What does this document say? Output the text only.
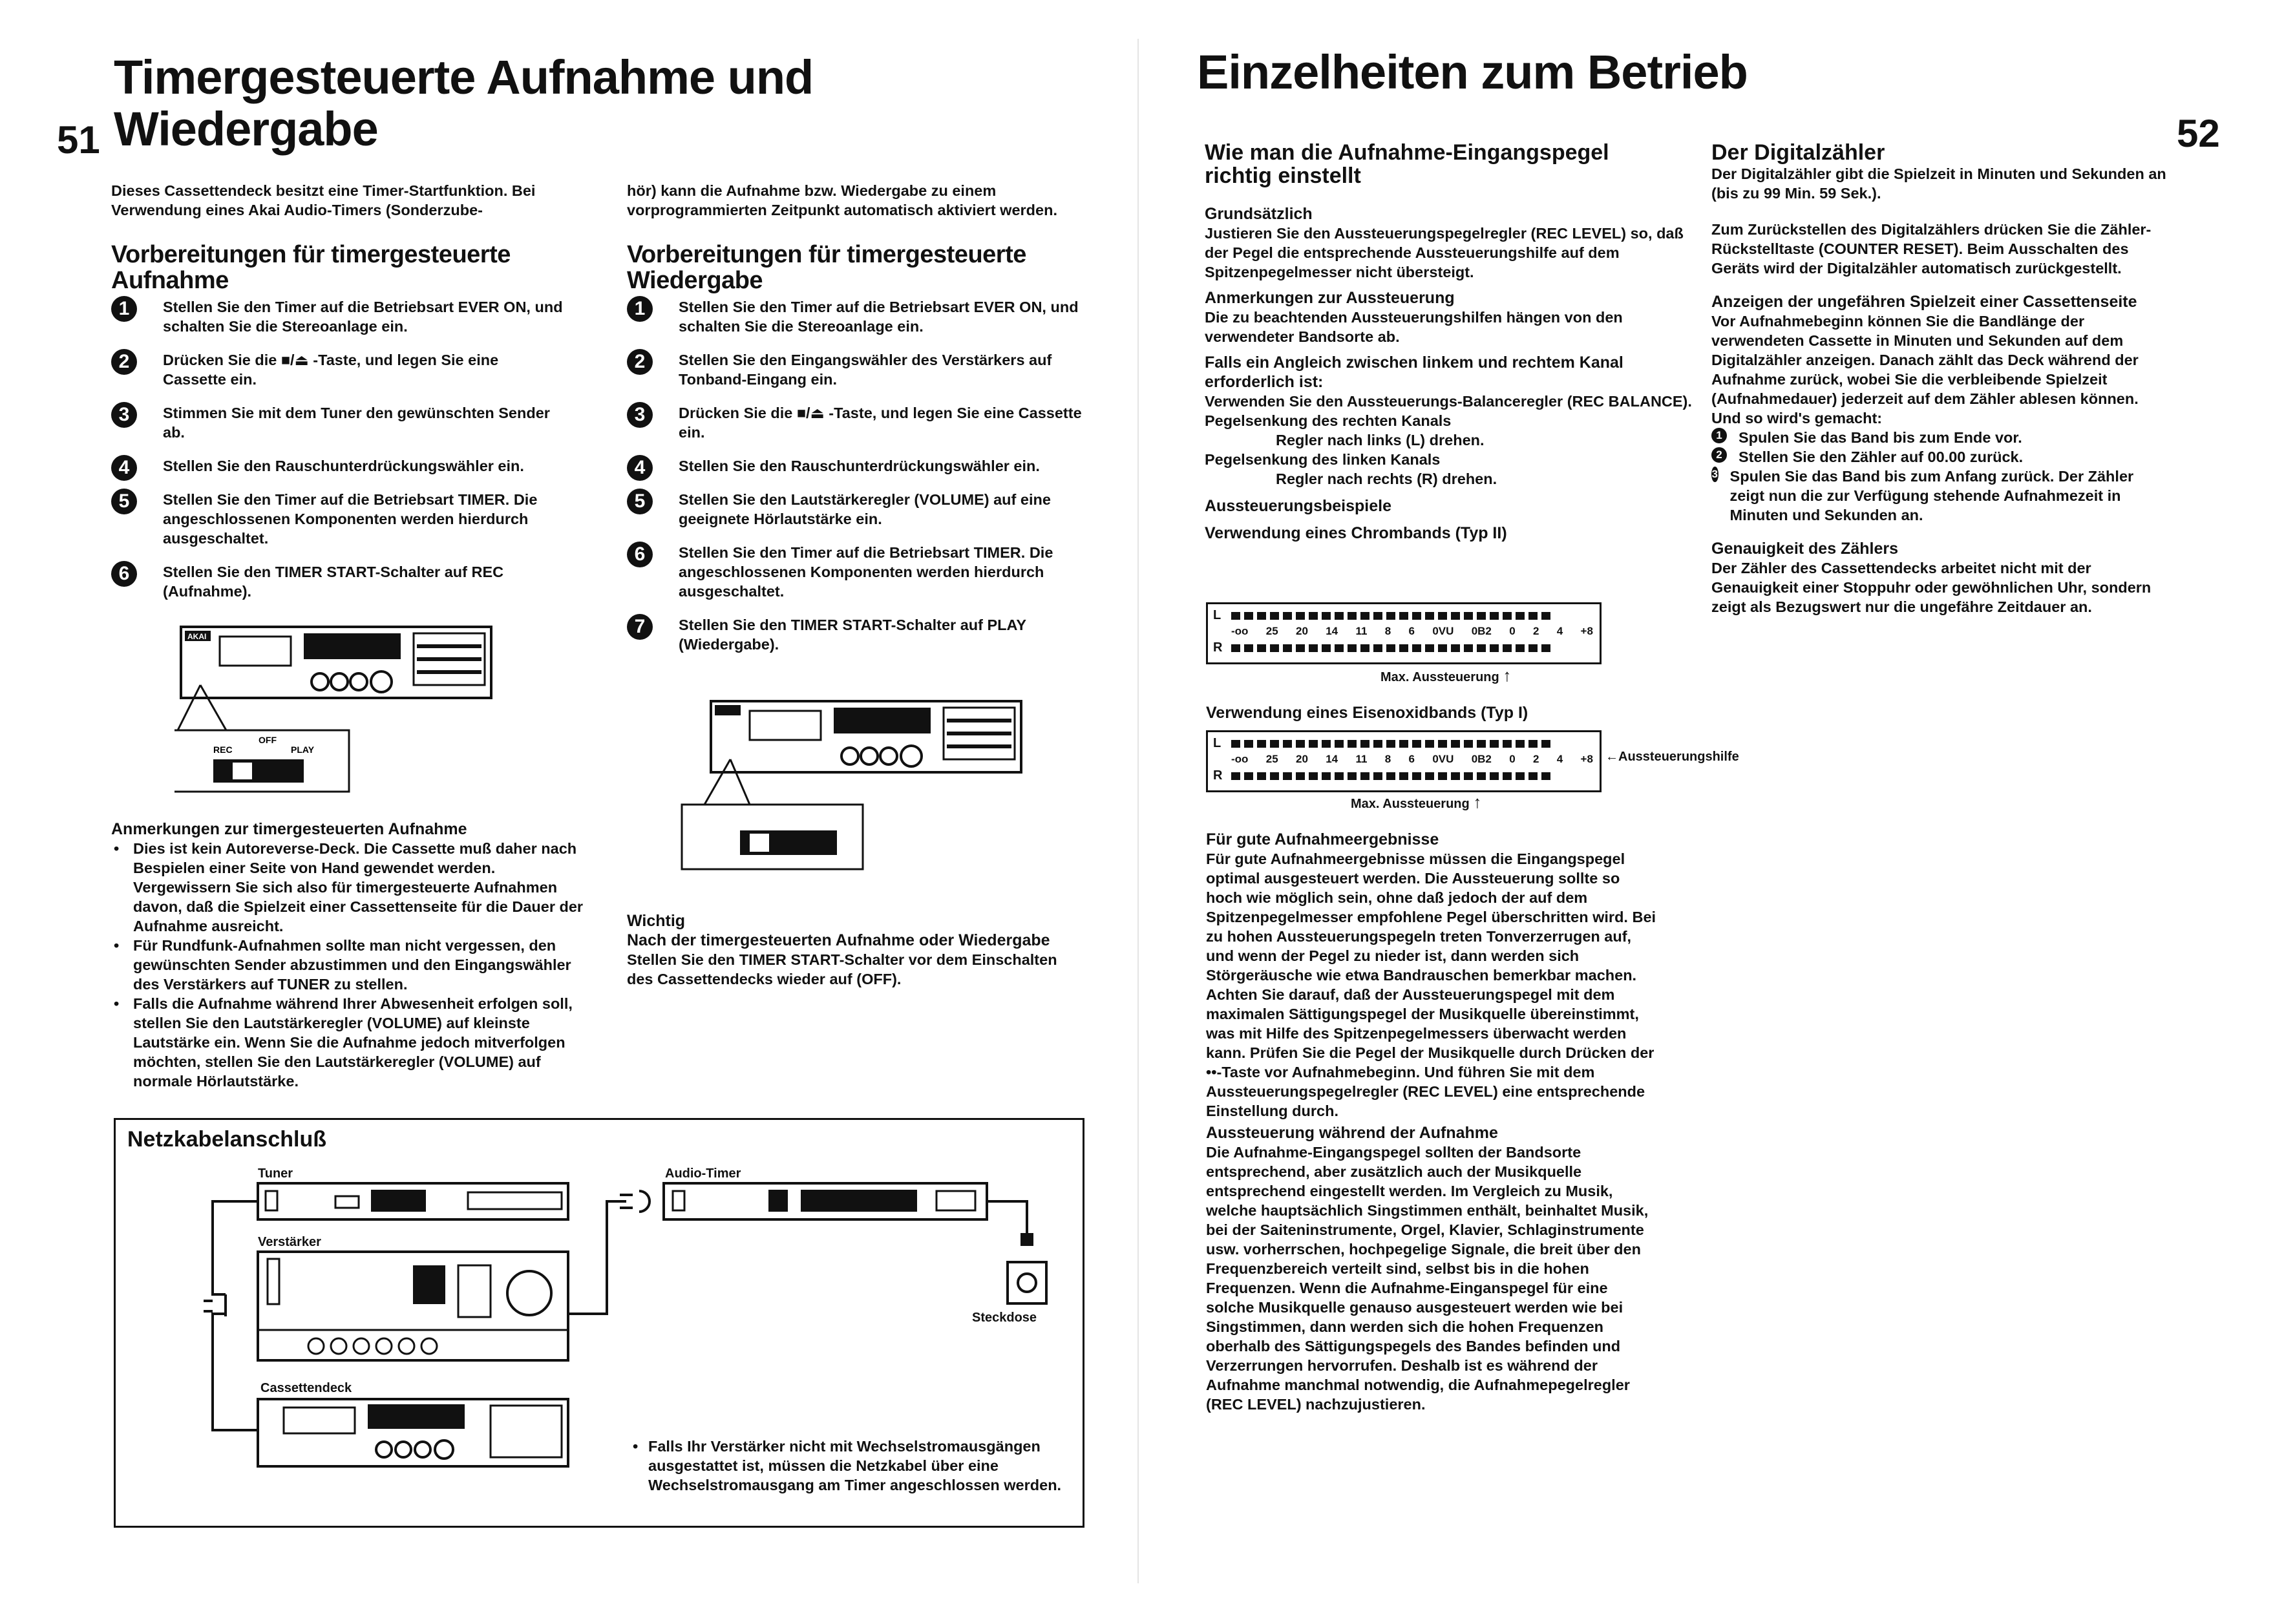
51
Timergesteuerte Aufnahme und
Wiedergabe
Dieses Cassettendeck besitzt eine Timer-Startfunktion. Bei Verwendung eines Akai Audio-Timers (Sonderzube-
Vorbereitungen für timergesteuerte Aufnahme
1	Stellen Sie den Timer auf die Betriebsart EVER ON, und schalten Sie die Stereoanlage ein.
2	Drücken Sie die ■/⏏ -Taste, und legen Sie eine Cassette ein.
3	Stimmen Sie mit dem Tuner den gewünschten Sender ab.
4	Stellen Sie den Rauschunterdrückungswähler ein.
5	Stellen Sie den Timer auf die Betriebsart TIMER. Die angeschlossenen Komponenten werden hierdurch ausgeschaltet.
6	Stellen Sie den TIMER START-Schalter auf REC (Aufnahme).
AKAI
REC
OFF
PLAY
Anmerkungen zur timergesteuerten Aufnahme
• Dies ist kein Autoreverse-Deck. Die Cassette muß daher nach Bespielen einer Seite von Hand gewendet werden. Vergewissern Sie sich also für timergesteuerte Aufnahmen davon, daß die Spielzeit einer Cassettenseite für die Dauer der Aufnahme ausreicht.
• Für Rundfunk-Aufnahmen sollte man nicht vergessen, den gewünschten Sender abzustimmen und den Eingangswähler des Verstärkers auf TUNER zu stellen.
• Falls die Aufnahme während Ihrer Abwesenheit erfolgen soll, stellen Sie den Lautstärkeregler (VOLUME) auf kleinste Lautstärke ein. Wenn Sie die Aufnahme jedoch mitverfolgen möchten, stellen Sie den Lautstärkeregler (VOLUME) auf normale Hörlautstärke.
hör) kann die Aufnahme bzw. Wiedergabe zu einem vorprogrammierten Zeitpunkt automatisch aktiviert werden.
Vorbereitungen für timergesteuerte Wiedergabe
1	Stellen Sie den Timer auf die Betriebsart EVER ON, und schalten Sie die Stereoanlage ein.
2	Stellen Sie den Eingangswähler des Verstärkers auf Tonband-Eingang ein.
3	Drücken Sie die ■/⏏ -Taste, und legen Sie eine Cassette ein.
4	Stellen Sie den Rauschunterdrückungswähler ein.
5	Stellen Sie den Lautstärkeregler (VOLUME) auf eine geeignete Hörlautstärke ein.
6	Stellen Sie den Timer auf die Betriebsart TIMER. Die angeschlossenen Komponenten werden hierdurch ausgeschaltet.
7	Stellen Sie den TIMER START-Schalter auf PLAY (Wiedergabe).
Wichtig
Nach der timergesteuerten Aufnahme oder Wiedergabe
Stellen Sie den TIMER START-Schalter vor dem Einschalten des Cassettendecks wieder auf (OFF).
Netzkabelanschluß
Tuner
Verstärker
Cassettendeck
Audio-Timer
Steckdose
• Falls Ihr Verstärker nicht mit Wechselstromausgängen ausgestattet ist, müssen die Netzkabel über eine Wechselstromausgang am Timer angeschlossen werden.
Einzelheiten zum Betrieb
52
Wie man die Aufnahme-Eingangspegel richtig einstellt
Grundsätzlich
Justieren Sie den Aussteuerungspegelregler (REC LEVEL) so, daß der Pegel die entsprechende Aussteuerungshilfe auf dem Spitzenpegelmesser nicht übersteigt.
Anmerkungen zur Aussteuerung
Die zu beachtenden Aussteuerungshilfen hängen von den verwendeter Bandsorte ab.
Falls ein Angleich zwischen linkem und rechtem Kanal erforderlich ist:
Verwenden Sie den Aussteuerungs-Balanceregler (REC BALANCE).
Pegelsenkung des rechten Kanals
Regler nach links (L) drehen.
Pegelsenkung des linken Kanals
Regler nach rechts (R) drehen.
Aussteuerungsbeispiele
Verwendung eines Chrombands (Typ II)
L
R
-oo 25 20 14 11 8 6 0VU 0B2 0 2 4 +8
Max. Aussteuerung ↑
Verwendung eines Eisenoxidbands (Typ I)
L
R
-oo 25 20 14 11 8 6 0VU 0B2 0 2 4 +8 ←Aussteuerungshilfe
Max. Aussteuerung ↑
Für gute Aufnahmeergebnisse
Für gute Aufnahmeergebnisse müssen die Eingangspegel optimal ausgesteuert werden. Die Aussteuerung sollte so hoch wie möglich sein, ohne daß jedoch der auf dem Spitzenpegelmesser empfohlene Pegel überschritten wird. Bei zu hohen Aussteuerungspegeln treten Tonverzerrugen auf, und wenn der Pegel zu nieder ist, dann werden sich Störgeräusche wie etwa Bandrauschen bemerkbar machen. Achten Sie darauf, daß der Aussteuerungspegel mit dem maximalen Sättigungspegel der Musikquelle übereinstimmt, was mit Hilfe des Spitzenpegelmessers überwacht werden kann. Prüfen Sie die Pegel der Musikquelle durch Drücken der ••-Taste vor Aufnahmebeginn. Und führen Sie mit dem Aussteuerungspegelregler (REC LEVEL) eine entsprechende Einstellung durch.
Aussteuerung während der Aufnahme
Die Aufnahme-Eingangspegel sollten der Bandsorte entsprechend, aber zusätzlich auch der Musikquelle entsprechend eingestellt werden. Im Vergleich zu Musik, welche hauptsächlich Singstimmen enthält, beinhaltet Musik, bei der Saiteninstrumente, Orgel, Klavier, Schlaginstrumente usw. vorherrschen, hochpegelige Signale, die breit über den Frequenzbereich verteilt sind, selbst bis in die hohen Frequenzen. Wenn die Aufnahme-Einganspegel für eine solche Musikquelle genauso ausgesteuert werden wie bei Singstimmen, dann werden sich die hohen Frequenzen oberhalb des Sättigungspegels des Bandes befinden und Verzerrungen hervorrufen. Deshalb ist es während der Aufnahme manchmal notwendig, die Aufnahmepegelregler (REC LEVEL) nachzujustieren.
Der Digitalzähler
Der Digitalzähler gibt die Spielzeit in Minuten und Sekunden an (bis zu 99 Min. 59 Sek.).
Zum Zurückstellen des Digitalzählers drücken Sie die Zähler-Rückstelltaste (COUNTER RESET). Beim Ausschalten des Geräts wird der Digitalzähler automatisch zurückgestellt.
Anzeigen der ungefähren Spielzeit einer Cassettenseite
Vor Aufnahmebeginn können Sie die Bandlänge der verwendeten Cassette in Minuten und Sekunden auf dem Digitalzähler anzeigen. Danach zählt das Deck während der Aufnahme zurück, wobei Sie die verbleibende Spielzeit (Aufnahmedauer) jederzeit auf dem Zähler ablesen können. Und so wird's gemacht:
1	Spulen Sie das Band bis zum Ende vor.
2	Stellen Sie den Zähler auf 00.00 zurück.
3 Spulen Sie das Band bis zum Anfang zurück. Der Zähler zeigt nun die zur Verfügung stehende Aufnahmezeit in Minuten und Sekunden an.
Genauigkeit des Zählers
Der Zähler des Cassettendecks arbeitet nicht mit der Genauigkeit einer Stoppuhr oder gewöhnlichen Uhr, sondern zeigt als Bezugswert nur die ungefähre Zeitdauer an.
